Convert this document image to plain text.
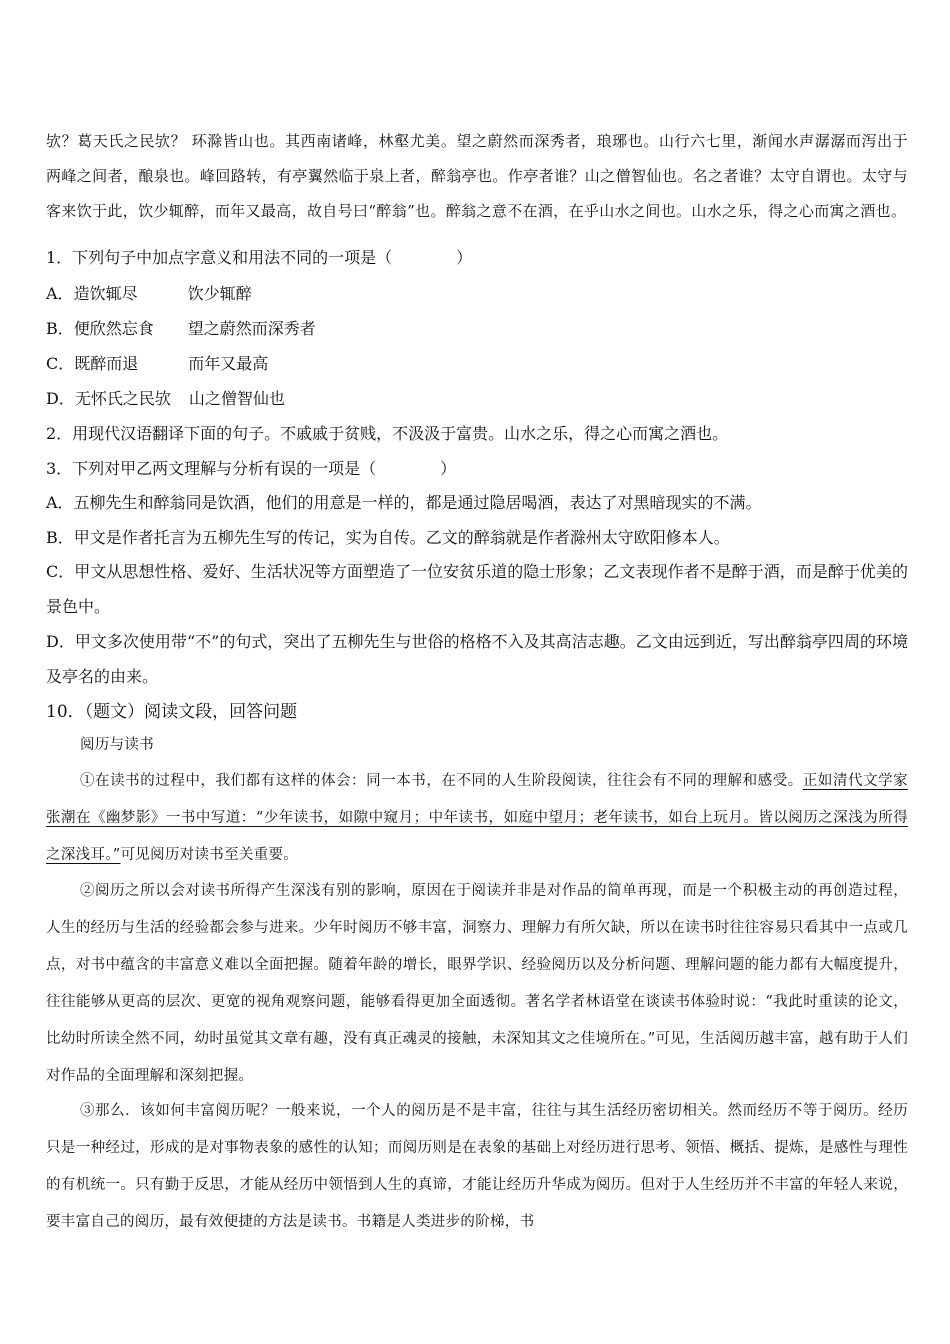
欤？葛天氏之民欤？ 环滁皆山也。其西南诸峰，林壑尤美。望之蔚然而深秀者，琅琊也。山行六七里，渐闻水声潺潺而泻出于两峰之间者，酿泉也。峰回路转，有亭翼然临于泉上者，醉翁亭也。作亭者谁？山之僧智仙也。名之者谁？太守自谓也。太守与客来饮于此，饮少辄醉，而年又最高，故自号曰“醉翁”也。醉翁之意不在酒，在乎山水之间也。山水之乐，得之心而寓之酒也。
1．下列句子中加点字意义和用法不同的一项是（　　　　）
A．造饮辄尽	饮少辄醉
B．便欣然忘食 望之蔚然而深秀者
C．既醉而退	而年又最高
D．无怀氏之民欤 山之僧智仙也
2．用现代汉语翻译下面的句子。不戚戚于贫贱，不汲汲于富贵。山水之乐，得之心而寓之酒也。
3．下列对甲乙两文理解与分析有误的一项是（　　　　）
A．五柳先生和醉翁同是饮酒，他们的用意是一样的，都是通过隐居喝酒，表达了对黑暗现实的不满。
B．甲文是作者托言为五柳先生写的传记，实为自传。乙文的醉翁就是作者滁州太守欧阳修本人。
C．甲文从思想性格、爱好、生活状况等方面塑造了一位安贫乐道的隐士形象；乙文表现作者不是醉于酒，而是醉于优美的景色中。
D．甲文多次使用带“不”的句式，突出了五柳先生与世俗的格格不入及其高洁志趣。乙文由远到近，写出醉翁亭四周的环境及亭名的由来。
10．（题文）阅读文段，回答问题
阅历与读书
①在读书的过程中，我们都有这样的体会：同一本书，在不同的人生阶段阅读，往往会有不同的理解和感受。正如清代文学家张潮在《幽梦影》一书中写道：“少年读书，如隙中窥月；中年读书，如庭中望月；老年读书，如台上玩月。皆以阅历之深浅为所得之深浅耳。”可见阅历对读书至关重要。
②阅历之所以会对读书所得产生深浅有别的影响，原因在于阅读并非是对作品的简单再现，而是一个积极主动的再创造过程，人生的经历与生活的经验都会参与进来。少年时阅历不够丰富，洞察力、理解力有所欠缺，所以在读书时往往容易只看其中一点或几点，对书中蕴含的丰富意义难以全面把握。随着年龄的增长，眼界学识、经验阅历以及分析问题、理解问题的能力都有大幅度提升，往往能够从更高的层次、更宽的视角观察问题，能够看得更加全面透彻。著名学者林语堂在谈读书体验时说：“我此时重读的论文，比幼时所读全然不同，幼时虽觉其文章有趣，没有真正魂灵的接触，未深知其文之佳境所在。”可见，生活阅历越丰富，越有助于人们对作品的全面理解和深刻把握。
③那么．该如何丰富阅历呢？一般来说，一个人的阅历是不是丰富，往往与其生活经历密切相关。然而经历不等于阅历。经历只是一种经过，形成的是对事物表象的感性的认知；而阅历则是在表象的基础上对经历进行思考、领悟、概括、提炼，是感性与理性的有机统一。只有勤于反思，才能从经历中领悟到人生的真谛，才能让经历升华成为阅历。但对于人生经历并不丰富的年轻人来说，要丰富自己的阅历，最有效便捷的方法是读书。书籍是人类进步的阶梯，书
